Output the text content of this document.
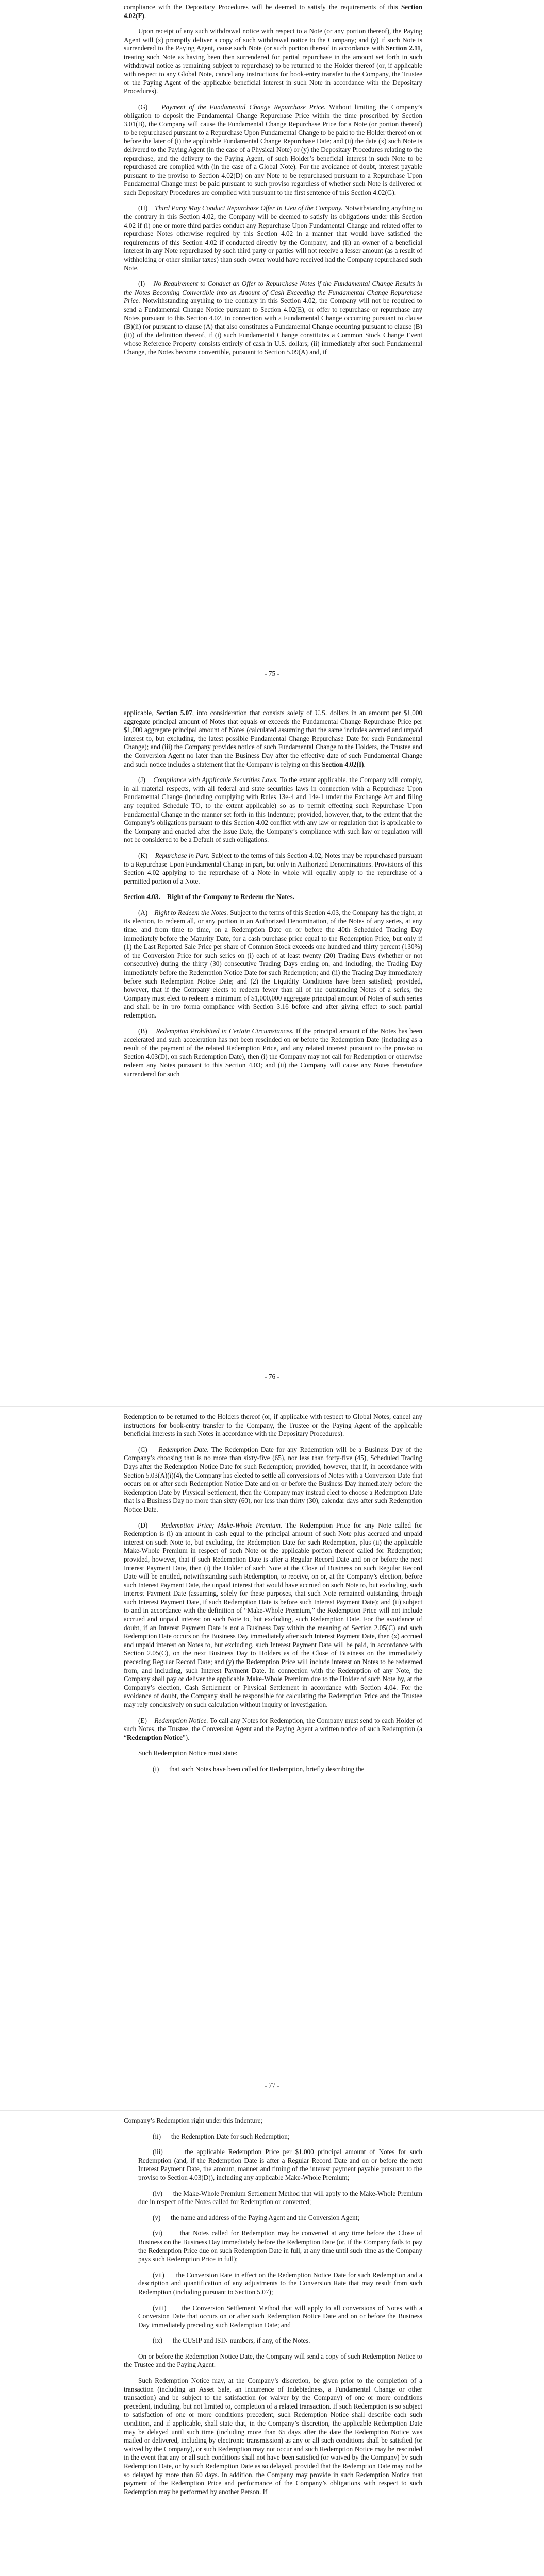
compliance with the Depositary Procedures will be deemed to satisfy the requirements of this Section 4.02(F).

Upon receipt of any such withdrawal notice with respect to a Note (or any portion thereof), the Paying Agent will (x) promptly deliver a copy of such withdrawal notice to the Company; and (y) if such Note is surrendered to the Paying Agent, cause such Note (or such portion thereof in accordance with Section 2.11, treating such Note as having been then surrendered for partial repurchase in the amount set forth in such withdrawal notice as remaining subject to repurchase) to be returned to the Holder thereof (or, if applicable with respect to any Global Note, cancel any instructions for book-entry transfer to the Company, the Trustee or the Paying Agent of the applicable beneficial interest in such Note in accordance with the Depositary Procedures).

(G) Payment of the Fundamental Change Repurchase Price. Without limiting the Company’s obligation to deposit the Fundamental Change Repurchase Price within the time proscribed by Section 3.01(B), the Company will cause the Fundamental Change Repurchase Price for a Note (or portion thereof) to be repurchased pursuant to a Repurchase Upon Fundamental Change to be paid to the Holder thereof on or before the later of (i) the applicable Fundamental Change Repurchase Date; and (ii) the date (x) such Note is delivered to the Paying Agent (in the case of a Physical Note) or (y) the Depositary Procedures relating to the repurchase, and the delivery to the Paying Agent, of such Holder’s beneficial interest in such Note to be repurchased are complied with (in the case of a Global Note). For the avoidance of doubt, interest payable pursuant to the proviso to Section 4.02(D) on any Note to be repurchased pursuant to a Repurchase Upon Fundamental Change must be paid pursuant to such proviso regardless of whether such Note is delivered or such Depositary Procedures are complied with pursuant to the first sentence of this Section 4.02(G).

(H) Third Party May Conduct Repurchase Offer In Lieu of the Company. Notwithstanding anything to the contrary in this Section 4.02, the Company will be deemed to satisfy its obligations under this Section 4.02 if (i) one or more third parties conduct any Repurchase Upon Fundamental Change and related offer to repurchase Notes otherwise required by this Section 4.02 in a manner that would have satisfied the requirements of this Section 4.02 if conducted directly by the Company; and (ii) an owner of a beneficial interest in any Note repurchased by such third party or parties will not receive a lesser amount (as a result of withholding or other similar taxes) than such owner would have received had the Company repurchased such Note.

(I) No Requirement to Conduct an Offer to Repurchase Notes if the Fundamental Change Results in the Notes Becoming Convertible into an Amount of Cash Exceeding the Fundamental Change Repurchase Price. Notwithstanding anything to the contrary in this Section 4.02, the Company will not be required to send a Fundamental Change Notice pursuant to Section 4.02(E), or offer to repurchase or repurchase any Notes pursuant to this Section 4.02, in connection with a Fundamental Change occurring pursuant to clause (B)(ii) (or pursuant to clause (A) that also constitutes a Fundamental Change occurring pursuant to clause (B)(ii)) of the definition thereof, if (i) such Fundamental Change constitutes a Common Stock Change Event whose Reference Property consists entirely of cash in U.S. dollars; (ii) immediately after such Fundamental Change, the Notes become convertible, pursuant to Section 5.09(A) and, if

- 75 -

applicable, Section 5.07, into consideration that consists solely of U.S. dollars in an amount per $1,000 aggregate principal amount of Notes that equals or exceeds the Fundamental Change Repurchase Price per $1,000 aggregate principal amount of Notes (calculated assuming that the same includes accrued and unpaid interest to, but excluding, the latest possible Fundamental Change Repurchase Date for such Fundamental Change); and (iii) the Company provides notice of such Fundamental Change to the Holders, the Trustee and the Conversion Agent no later than the Business Day after the effective date of such Fundamental Change and such notice includes a statement that the Company is relying on this Section 4.02(I).

(J) Compliance with Applicable Securities Laws. To the extent applicable, the Company will comply, in all material respects, with all federal and state securities laws in connection with a Repurchase Upon Fundamental Change (including complying with Rules 13e-4 and 14e-1 under the Exchange Act and filing any required Schedule TO, to the extent applicable) so as to permit effecting such Repurchase Upon Fundamental Change in the manner set forth in this Indenture; provided, however, that, to the extent that the Company’s obligations pursuant to this Section 4.02 conflict with any law or regulation that is applicable to the Company and enacted after the Issue Date, the Company’s compliance with such law or regulation will not be considered to be a Default of such obligations.

(K) Repurchase in Part. Subject to the terms of this Section 4.02, Notes may be repurchased pursuant to a Repurchase Upon Fundamental Change in part, but only in Authorized Denominations. Provisions of this Section 4.02 applying to the repurchase of a Note in whole will equally apply to the repurchase of a permitted portion of a Note.

Section 4.03. Right of the Company to Redeem the Notes.

(A) Right to Redeem the Notes. Subject to the terms of this Section 4.03, the Company has the right, at its election, to redeem all, or any portion in an Authorized Denomination, of the Notes of any series, at any time, and from time to time, on a Redemption Date on or before the 40th Scheduled Trading Day immediately before the Maturity Date, for a cash purchase price equal to the Redemption Price, but only if (1) the Last Reported Sale Price per share of Common Stock exceeds one hundred and thirty percent (130%) of the Conversion Price for such series on (i) each of at least twenty (20) Trading Days (whether or not consecutive) during the thirty (30) consecutive Trading Days ending on, and including, the Trading Day immediately before the Redemption Notice Date for such Redemption; and (ii) the Trading Day immediately before such Redemption Notice Date; and (2) the Liquidity Conditions have been satisfied; provided, however, that if the Company elects to redeem fewer than all of the outstanding Notes of a series, the Company must elect to redeem a minimum of $1,000,000 aggregate principal amount of Notes of such series and shall be in pro forma compliance with Section 3.16 before and after giving effect to such partial redemption.

(B) Redemption Prohibited in Certain Circumstances. If the principal amount of the Notes has been accelerated and such acceleration has not been rescinded on or before the Redemption Date (including as a result of the payment of the related Redemption Price, and any related interest pursuant to the proviso to Section 4.03(D), on such Redemption Date), then (i) the Company may not call for Redemption or otherwise redeem any Notes pursuant to this Section 4.03; and (ii) the Company will cause any Notes theretofore surrendered for such

- 76 -

Redemption to be returned to the Holders thereof (or, if applicable with respect to Global Notes, cancel any instructions for book-entry transfer to the Company, the Trustee or the Paying Agent of the applicable beneficial interests in such Notes in accordance with the Depositary Procedures).

(C) Redemption Date. The Redemption Date for any Redemption will be a Business Day of the Company’s choosing that is no more than sixty-five (65), nor less than forty-five (45), Scheduled Trading Days after the Redemption Notice Date for such Redemption; provided, however, that if, in accordance with Section 5.03(A)(i)(4), the Company has elected to settle all conversions of Notes with a Conversion Date that occurs on or after such Redemption Notice Date and on or before the Business Day immediately before the Redemption Date by Physical Settlement, then the Company may instead elect to choose a Redemption Date that is a Business Day no more than sixty (60), nor less than thirty (30), calendar days after such Redemption Notice Date.

(D) Redemption Price; Make-Whole Premium. The Redemption Price for any Note called for Redemption is (i) an amount in cash equal to the principal amount of such Note plus accrued and unpaid interest on such Note to, but excluding, the Redemption Date for such Redemption, plus (ii) the applicable Make-Whole Premium in respect of such Note or the applicable portion thereof called for Redemption; provided, however, that if such Redemption Date is after a Regular Record Date and on or before the next Interest Payment Date, then (i) the Holder of such Note at the Close of Business on such Regular Record Date will be entitled, notwithstanding such Redemption, to receive, on or, at the Company’s election, before such Interest Payment Date, the unpaid interest that would have accrued on such Note to, but excluding, such Interest Payment Date (assuming, solely for these purposes, that such Note remained outstanding through such Interest Payment Date, if such Redemption Date is before such Interest Payment Date); and (ii) subject to and in accordance with the definition of “Make-Whole Premium,” the Redemption Price will not include accrued and unpaid interest on such Note to, but excluding, such Redemption Date. For the avoidance of doubt, if an Interest Payment Date is not a Business Day within the meaning of Section 2.05(C) and such Redemption Date occurs on the Business Day immediately after such Interest Payment Date, then (x) accrued and unpaid interest on Notes to, but excluding, such Interest Payment Date will be paid, in accordance with Section 2.05(C), on the next Business Day to Holders as of the Close of Business on the immediately preceding Regular Record Date; and (y) the Redemption Price will include interest on Notes to be redeemed from, and including, such Interest Payment Date. In connection with the Redemption of any Note, the Company shall pay or deliver the applicable Make-Whole Premium due to the Holder of such Note by, at the Company’s election, Cash Settlement or Physical Settlement in accordance with Section 4.04. For the avoidance of doubt, the Company shall be responsible for calculating the Redemption Price and the Trustee may rely conclusively on such calculation without inquiry or investigation.

(E) Redemption Notice. To call any Notes for Redemption, the Company must send to each Holder of such Notes, the Trustee, the Conversion Agent and the Paying Agent a written notice of such Redemption (a “Redemption Notice”).

Such Redemption Notice must state:

(i) that such Notes have been called for Redemption, briefly describing the

- 77 -

Company’s Redemption right under this Indenture;

(ii) the Redemption Date for such Redemption;

(iii)	the applicable Redemption Price per $1,000 principal amount of Notes for such Redemption (and, if the Redemption Date is after a Regular Record Date and on or before the next Interest Payment Date, the amount, manner and timing of the interest payment payable pursuant to the proviso to Section 4.03(D)), including any applicable Make-Whole Premium;

(iv) the Make-Whole Premium Settlement Method that will apply to the Make-Whole Premium due in respect of the Notes called for Redemption or converted;

(v) the name and address of the Paying Agent and the Conversion Agent;

(vi)	that Notes called for Redemption may be converted at any time before the Close of Business on the Business Day immediately before the Redemption Date (or, if the Company fails to pay the Redemption Price due on such Redemption Date in full, at any time until such time as the Company pays such Redemption Price in full);

(vii) the Conversion Rate in effect on the Redemption Notice Date for such Redemption and a description and quantification of any adjustments to the Conversion Rate that may result from such Redemption (including pursuant to Section 5.07);

(viii) the Conversion Settlement Method that will apply to all conversions of Notes with a Conversion Date that occurs on or after such Redemption Notice Date and on or before the Business Day immediately preceding such Redemption Date; and

(ix) the CUSIP and ISIN numbers, if any, of the Notes.

On or before the Redemption Notice Date, the Company will send a copy of such Redemption Notice to the Trustee and the Paying Agent.

Such Redemption Notice may, at the Company’s discretion, be given prior to the completion of a transaction (including an Asset Sale, an incurrence of Indebtedness, a Fundamental Change or other transaction) and be subject to the satisfaction (or waiver by the Company) of one or more conditions precedent, including, but not limited to, completion of a related transaction. If such Redemption is so subject to satisfaction of one or more conditions precedent, such Redemption Notice shall describe each such condition, and if applicable, shall state that, in the Company’s discretion, the applicable Redemption Date may be delayed until such time (including more than 65 days after the date the Redemption Notice was mailed or delivered, including by electronic transmission) as any or all such conditions shall be satisfied (or waived by the Company), or such Redemption may not occur and such Redemption Notice may be rescinded in the event that any or all such conditions shall not have been satisfied (or waived by the Company) by such Redemption Date, or by such Redemption Date as so delayed, provided that the Redemption Date may not be so delayed by more than 60 days. In addition, the Company may provide in such Redemption Notice that payment of the Redemption Price and performance of the Company’s obligations with respect to such Redemption may be performed by another Person. If
